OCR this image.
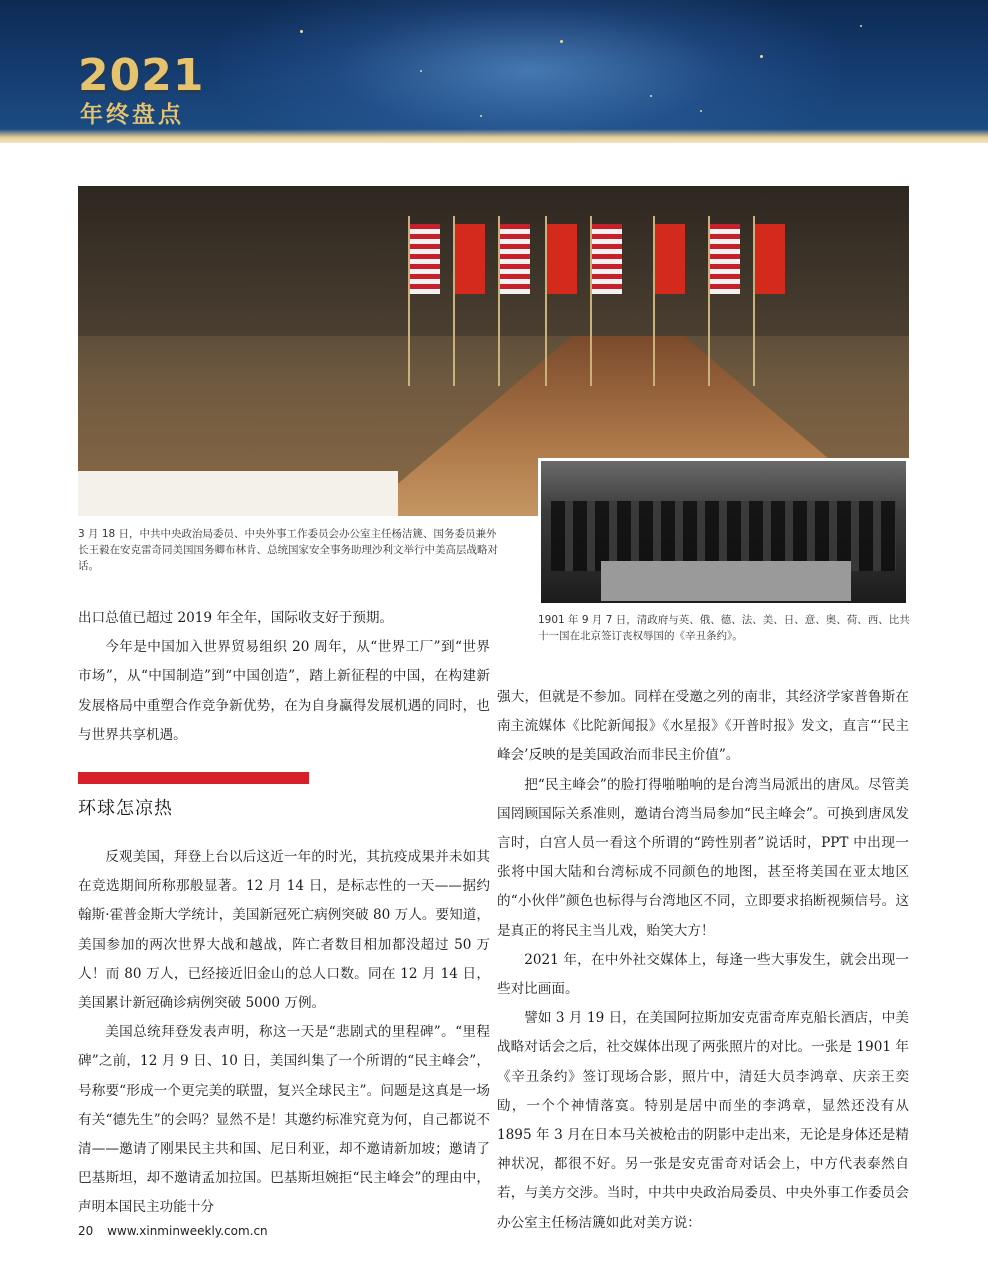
2021
年终盘点
3 月 18 日，中共中央政治局委员、中央外事工作委员会办公室主任杨洁篪、国务委员兼外长王毅在安克雷奇同美国国务卿布林肯、总统国家安全事务助理沙利文举行中美高层战略对话。
1901 年 9 月 7 日，清政府与英、俄、德、法、美、日、意、奥、荷、西、比共十一国在北京签订丧权辱国的《辛丑条约》。

出口总值已超过 2019 年全年，国际收支好于预期。

今年是中国加入世界贸易组织 20 周年，从“世界工厂”到“世界市场”，从“中国制造”到“中国创造”，踏上新征程的中国，在构建新发展格局中重塑合作竞争新优势，在为自身赢得发展机遇的同时，也与世界共享机遇。

环球怎凉热

反观美国，拜登上台以后这近一年的时光，其抗疫成果并未如其在竞选期间所称那般显著。12 月 14 日，是标志性的一天——据约翰斯·霍普金斯大学统计，美国新冠死亡病例突破 80 万人。要知道，美国参加的两次世界大战和越战，阵亡者数目相加都没超过 50 万人！而 80 万人，已经接近旧金山的总人口数。同在 12 月 14 日，美国累计新冠确诊病例突破 5000 万例。

美国总统拜登发表声明，称这一天是“悲剧式的里程碑”。“里程碑”之前，12 月 9 日、10 日，美国纠集了一个所谓的“民主峰会”，号称要“形成一个更完美的联盟，复兴全球民主”。问题是这真是一场有关“德先生”的会吗？显然不是！其邀约标准究竟为何，自己都说不清——邀请了刚果民主共和国、尼日利亚，却不邀请新加坡；邀请了巴基斯坦，却不邀请孟加拉国。巴基斯坦婉拒“民主峰会”的理由中，声明本国民主功能十分

强大，但就是不参加。同样在受邀之列的南非，其经济学家普鲁斯在南主流媒体《比陀新闻报》《水星报》《开普时报》发文，直言“‘民主峰会’反映的是美国政治而非民主价值”。

把“民主峰会”的脸打得啪啪响的是台湾当局派出的唐凤。尽管美国罔顾国际关系准则，邀请台湾当局参加“民主峰会”。可换到唐凤发言时，白宫人员一看这个所谓的“跨性别者”说话时，PPT 中出现一张将中国大陆和台湾标成不同颜色的地图，甚至将美国在亚太地区的“小伙伴”颜色也标得与台湾地区不同，立即要求掐断视频信号。这是真正的将民主当儿戏，贻笑大方！

2021 年，在中外社交媒体上，每逢一些大事发生，就会出现一些对比画面。

譬如 3 月 19 日，在美国阿拉斯加安克雷奇库克船长酒店，中美战略对话会之后，社交媒体出现了两张照片的对比。一张是 1901 年《辛丑条约》签订现场合影，照片中，清廷大员李鸿章、庆亲王奕劻，一个个神情落寞。特别是居中而坐的李鸿章，显然还没有从 1895 年 3 月在日本马关被枪击的阴影中走出来，无论是身体还是精神状况，都很不好。另一张是安克雷奇对话会上，中方代表泰然自若，与美方交涉。当时，中共中央政治局委员、中央外事工作委员会办公室主任杨洁篪如此对美方说：

20 www.xinminweekly.com.cn
